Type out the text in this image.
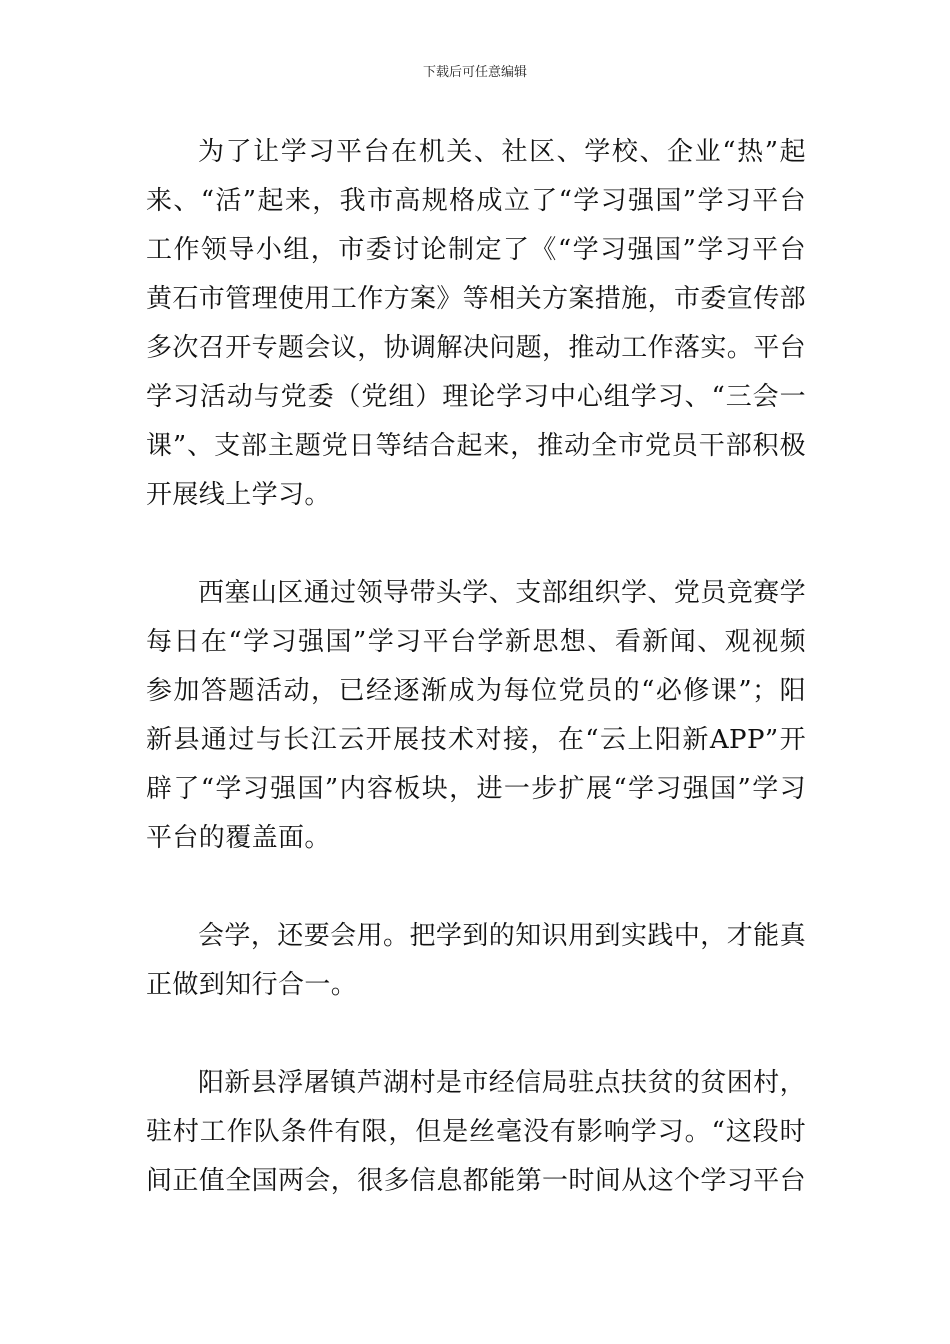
下载后可任意编辑

为了让学习平台在机关、社区、学校、企业“热”起来、“活”起来，我市高规格成立了“学习强国”学习平台工作领导小组，市委讨论制定了《“学习强国”学习平台黄石市管理使用工作方案》等相关方案措施，市委宣传部多次召开专题会议，协调解决问题，推动工作落实。平台学习活动与党委（党组）理论学习中心组学习、“三会一课”、支部主题党日等结合起来，推动全市党员干部积极开展线上学习。

西塞山区通过领导带头学、支部组织学、党员竞赛学每日在“学习强国”学习平台学新思想、看新闻、观视频参加答题活动，已经逐渐成为每位党员的“必修课”；阳新县通过与长江云开展技术对接，在“云上阳新APP”开辟了“学习强国”内容板块，进一步扩展“学习强国”学习平台的覆盖面。

会学，还要会用。把学到的知识用到实践中，才能真正做到知行合一。

阳新县浮屠镇芦湖村是市经信局驻点扶贫的贫困村，驻村工作队条件有限，但是丝毫没有影响学习。“这段时间正值全国两会，很多信息都能第一时间从这个学习平台
